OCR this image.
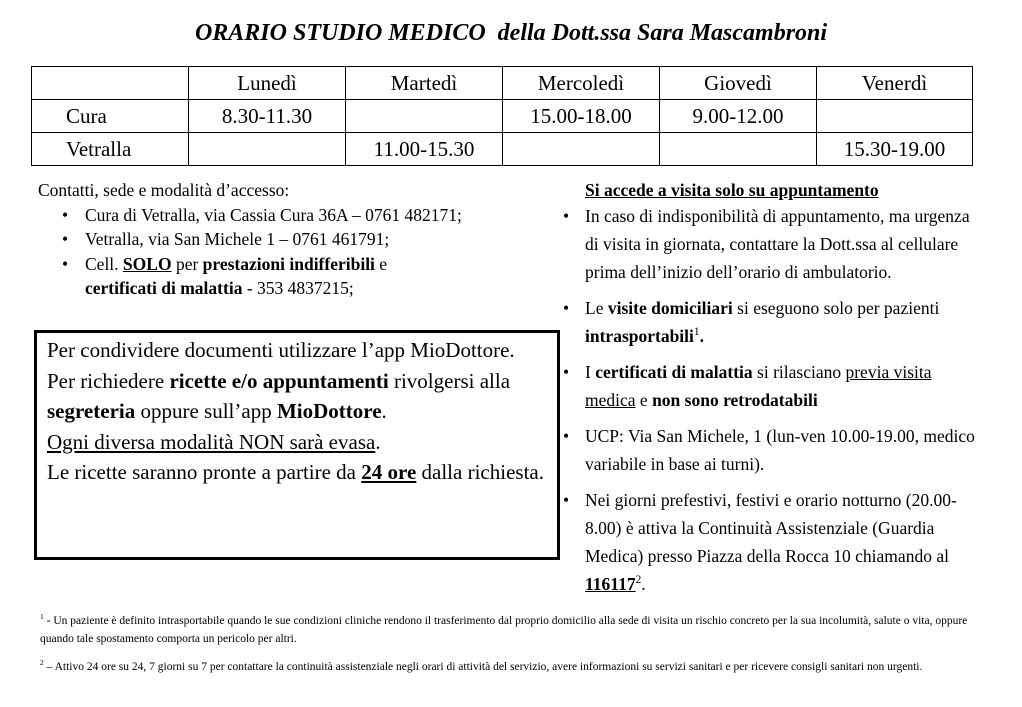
ORARIO STUDIO MEDICO  della Dott.ssa Sara Mascambroni
	Lunedì	Martedì	Mercoledì	Giovedì	Venerdì
Cura	8.30-11.30		15.00-18.00	9.00-12.00	
Vetralla		11.00-15.30			15.30-19.00
Contatti, sede e modalità d’accesso:
• Cura di Vetralla, via Cassia Cura 36A – 0761 482171;
• Vetralla, via San Michele 1 – 0761 461791;
• Cell. SOLO per prestazioni indifferibili e
certificati di malattia - 353 4837215;

Per condividere documenti utilizzare l’app MioDottore.

Per richiedere ricette e/o appuntamenti rivolgersi alla segreteria oppure sull’app MioDottore.

Ogni diversa modalità NON sarà evasa.

Le ricette saranno pronte a partire da 24 ore dalla richiesta.

Si accede a visita solo su appuntamento
• In caso di indisponibilità di appuntamento, ma urgenza di visita in giornata, contattare la Dott.ssa al cellulare prima dell’inizio dell’orario di ambulatorio.
• Le visite domiciliari si eseguono solo per pazienti intrasportabili$^1$.
• I certificati di malattia si rilasciano previa visita medica e non sono retrodatabili
• UCP: Via San Michele, 1 (lun-ven 10.00-19.00, medico variabile in base ai turni).
• Nei giorni prefestivi, festivi e orario notturno (20.00-8.00) è attiva la Continuità Assistenziale (Guardia Medica) presso Piazza della Rocca 10 chiamando al 116117$^2$.

$^1$ - Un paziente è definito intrasportabile quando le sue condizioni cliniche rendono il trasferimento dal proprio domicilio alla sede di visita un rischio concreto per la sua incolumità, salute o vita, oppure quando tale spostamento comporta un pericolo per altri.

$^2$ – Attivo 24 ore su 24, 7 giorni su 7 per contattare la continuità assistenziale negli orari di attività del servizio, avere informazioni su servizi sanitari e per ricevere consigli sanitari non urgenti.
